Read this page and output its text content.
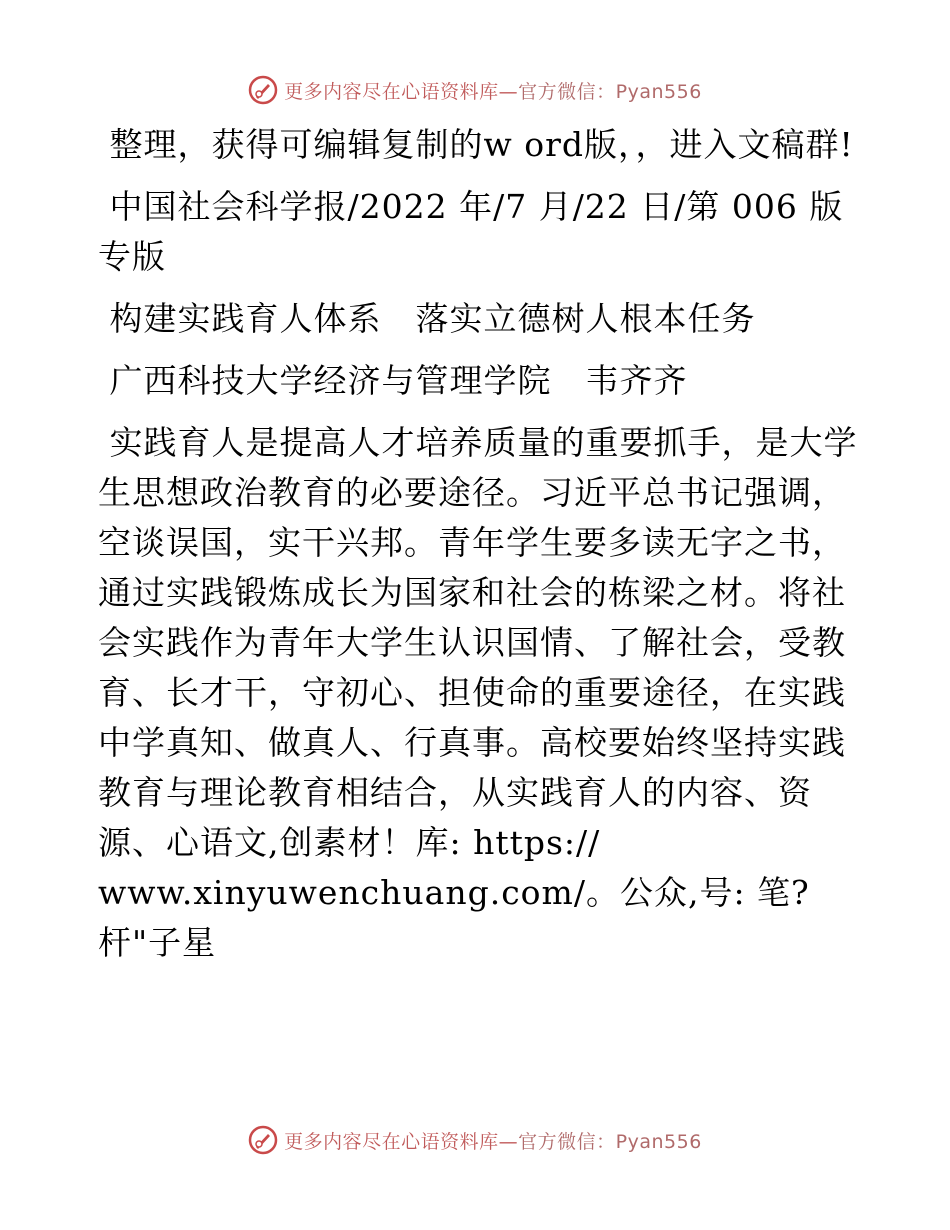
更多内容尽在心语资料库—官方微信：Pyan556

整理，获得可编辑复制的w ord版，，进入文稿群!

中国社会科学报/2022 年/7 月/22 日/第 006 版专版

构建实践育人体系　落实立德树人根本任务

广西科技大学经济与管理学院　韦齐齐

实践育人是提高人才培养质量的重要抓手，是大学生思想政治教育的必要途径。习近平总书记强调，空谈误国，实干兴邦。青年学生要多读无字之书，通过实践锻炼成长为国家和社会的栋梁之材。将社会实践作为青年大学生认识国情、了解社会，受教育、长才干，守初心、担使命的重要途径，在实践中学真知、做真人、行真事。高校要始终坚持实践教育与理论教育相结合，从实践育人的内容、资源、心语文,创素材！库: https://
www.xinyuwenchuang.com/。公众,号: 笔?杆"子星

更多内容尽在心语资料库—官方微信：Pyan556
